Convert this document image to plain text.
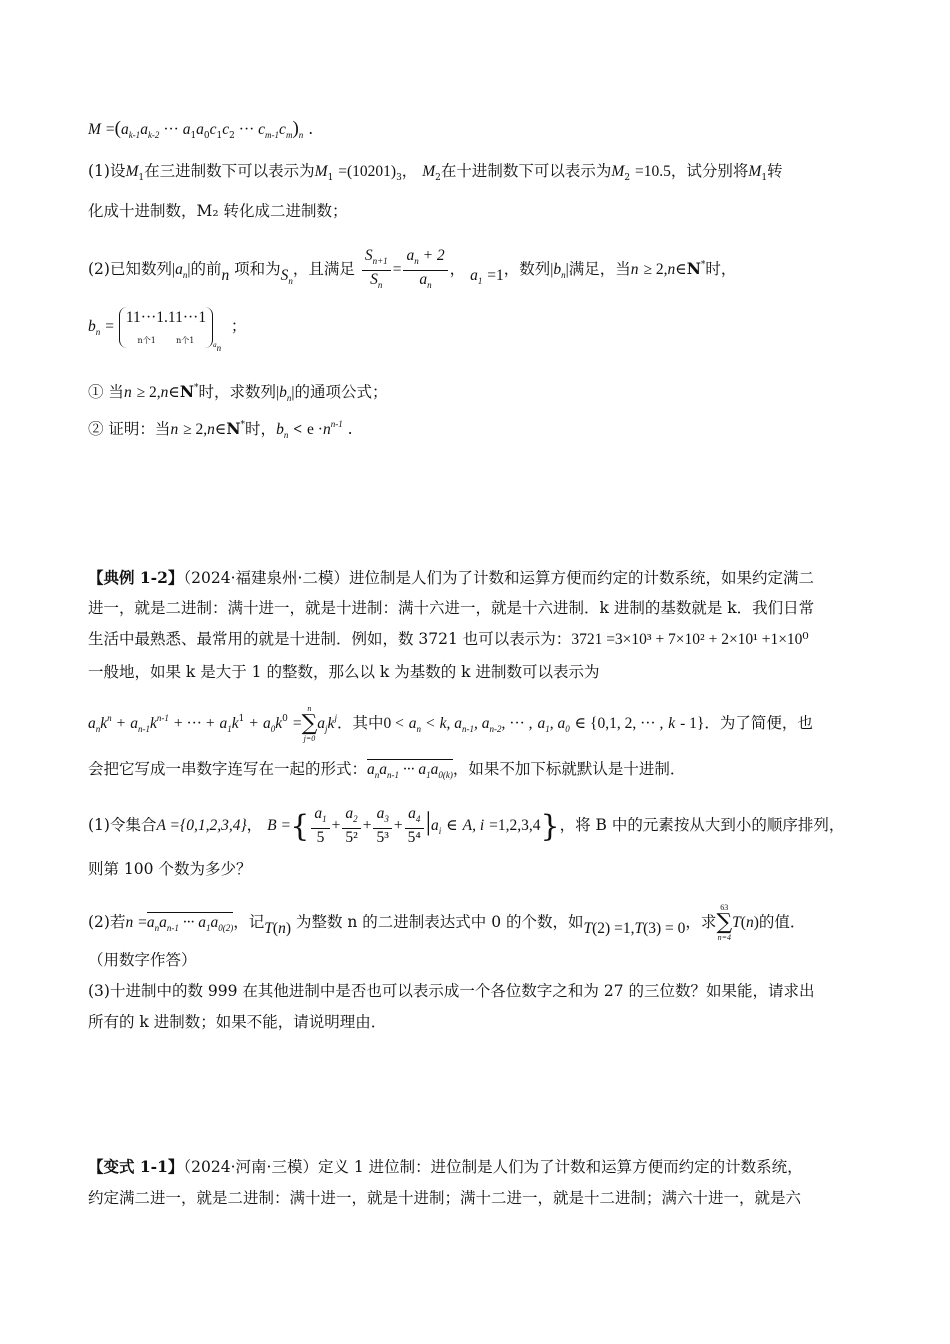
$M =(a_{k-1}a_{k-2}$ ··· $a_1a_0c_1c_2$ ··· $c_{m-1}c_m)_n$ .
(1)设$M_1$在三进制数下可以表示为$M_1 =(10201)_3$， $M_2$在十进制数下可以表示为$M_2 =10.5$，试分别将$M_1$转
化成十进制数，M₂ 转化成二进制数；
(2)已知数列$|a_n|$的前n 项和为$S_n$，且满足 $\frac{S_{n+1}}{S_n} = \frac{a_n + 2}{a_n}$ ， $a_1 =1$，数列$|b_n|$满足，当n ≥ 2,n∈N*时，
$b_n = 11\cdot\cdot\cdot 1.11\cdot\cdot\cdot 1$
n个1	n个$1_{a_n}$  ；
① 当n ≥ 2,n∈N*时，求数列$|b_n|$的通项公式；
② 证明：当n ≥ 2,n∈N*时，$b_n < e \cdot n^{n-1}$ .
【典例 1-2】（2024·福建泉州·二模）进位制是人们为了计数和运算方便而约定的计数系统，如果约定满二
进一，就是二进制：满十进一，就是十进制：满十六进一，就是十六进制．k 进制的基数就是 k．我们日常
生活中最熟悉、最常用的就是十进制．例如，数 3721 也可以表示为：3721 =3×10³ + 7×10² + 2×10¹ +1×10⁰
一般地，如果 k 是大于 1 的整数，那么以 k 为基数的 k 进制数可以表示为
$a_nk^n + a_{n-1}k^{n-1}$ + ··· + $a_1k^1 + a_0k^0$ =
n
∑
j=0
$a_jk^j$．其中$0 < a_n < k$, $a_{n-1}$, $a_{n-2}$, ··· , $a_1$, $a_0$ ∈ {0,1, 2, ··· , k - 1}．为了简便，也
会把它写成一串数字连写在一起的形式：$a_na_{n-1}$ ··· $a_1a_{0(k)}$，如果不加下标就默认是十进制．
(1)令集合A ={0,1,2,3,4}， B ={ $\frac{a_1}{5} + \frac{a_2}{\text{5²}} + \frac{a_3}{\text{5³}} + \frac{a_4}{\text{5⁴}} |a_i$ ∈ A, i =1,2,3,4}，将 B 中的元素按从大到小的顺序排列，
则第 100 个数为多少？
(2)若$n =a_na_{n-1}$ ··· $a_1a_{0(2)}$，记T(n) 为整数 n 的二进制表达式中 0 的个数，如T(2) =1,T(3) = 0，求
63
∑
n=4
T(n)的值．
（用数字作答）
(3)十进制中的数 999 在其他进制中是否也可以表示成一个各位数字之和为 27 的三位数？如果能，请求出
所有的 k 进制数；如果不能，请说明理由．
【变式 1-1】（2024·河南·三模）定义 1 进位制：进位制是人们为了计数和运算方便而约定的计数系统，
约定满二进一，就是二进制：满十进一，就是十进制；满十二进一，就是十二进制；满六十进一，就是六
M
